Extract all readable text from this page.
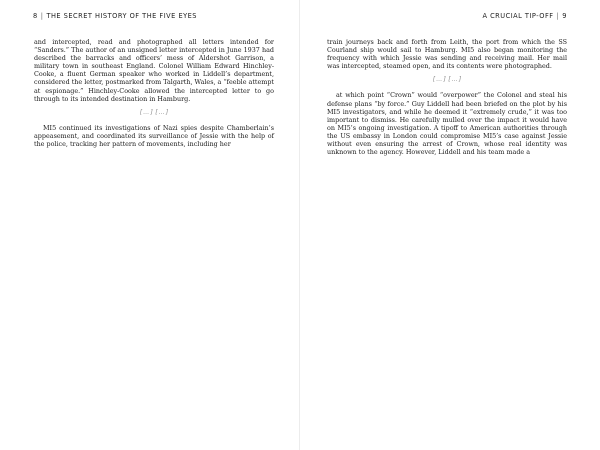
8 | THE SECRET HISTORY OF THE FIVE EYES

and intercepted, read and photographed all letters intended for “Sanders.” The author of an unsigned letter intercepted in June 1937 had described the barracks and officers’ mess of Aldershot Garrison, a military town in southeast England. Colonel William Edward Hinchley-Cooke, a fluent German speaker who worked in Liddell’s department, considered the letter, postmarked from Talgarth, Wales, a “feeble attempt at espionage.” Hinchley-Cooke allowed the intercepted letter to go through to its intended destination in Hamburg.

 [ … ]  [ … ] 

MI5 continued its investigations of Nazi spies despite Chamberlain’s appeasement, and coordinated its surveillance of Jessie with the help of the police, tracking her pattern of movements, including her

A CRUCIAL TIP-OFF | 9

train journeys back and forth from Leith, the port from which the SS Courland ship would sail to Hamburg. MI5 also began monitoring the frequency with which Jessie was sending and receiving mail. Her mail was intercepted, steamed open, and its contents were photographed.

 [ … ]  [ … ] 

at which point “Crown” would “overpower” the Colonel and steal his defense plans “by force.” Guy Liddell had been briefed on the plot by his MI5 investigators, and while he deemed it “extremely crude,” it was too important to dismiss. He carefully mulled over the impact it would have on MI5’s ongoing investigation. A tipoff to American authorities through the US embassy in London could compromise MI5’s case against Jessie without even ensuring the arrest of Crown, whose real identity was unknown to the agency. However, Liddell and his team made a
